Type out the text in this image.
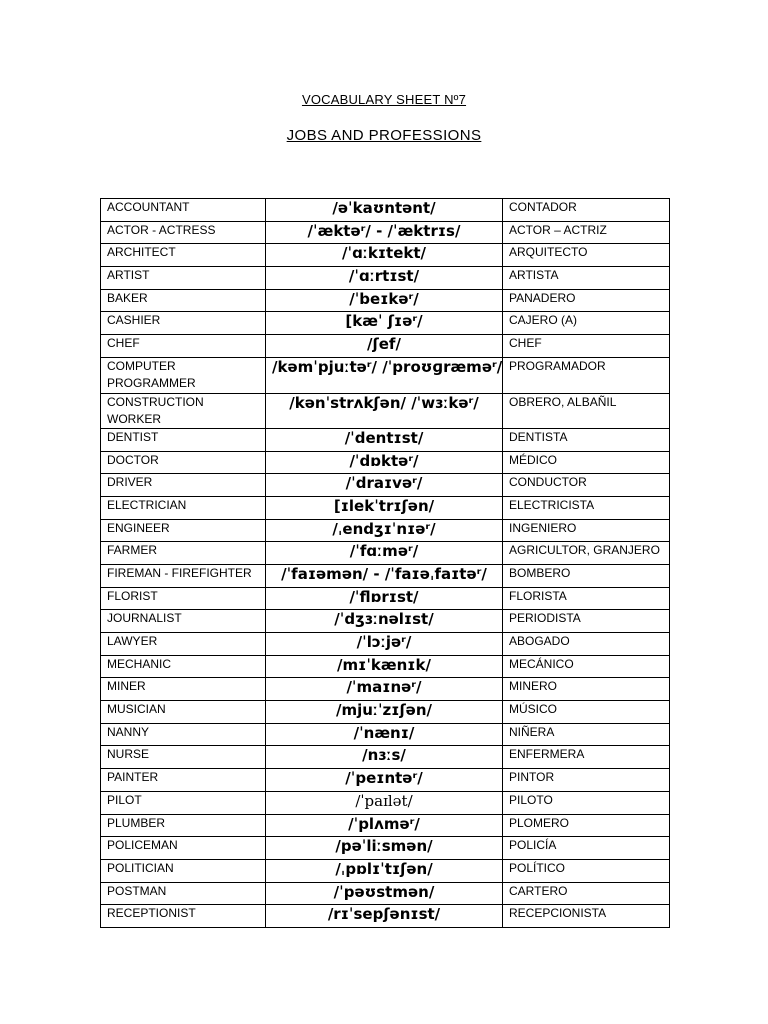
VOCABULARY SHEET Nº7
JOBS AND PROFESSIONS
ACCOUNTANT	/əˈkaʊntənt/	CONTADOR
ACTOR - ACTRESS	/ˈæktəʳ/ - /ˈæktrɪs/	ACTOR – ACTRIZ
ARCHITECT	/ˈɑːkɪtekt/	ARQUITECTO
ARTIST	/ˈɑːrtɪst/	ARTISTA
BAKER	/ˈbeɪkəʳ/	PANADERO
CASHIER	[kæˈ ʃɪəʳ/	CAJERO (A)
CHEF	/ʃef/	CHEF
COMPUTER PROGRAMMER	/kəmˈpjuːtəʳ/ /ˈproʊɡræməʳ/	PROGRAMADOR
CONSTRUCTION WORKER	/kənˈstrʌkʃən/ /ˈwɜːkəʳ/	OBRERO, ALBAÑIL
DENTIST	/ˈdentɪst/	DENTISTA
DOCTOR	/ˈdɒktəʳ/	MÉDICO
DRIVER	/ˈdraɪvəʳ/	CONDUCTOR
ELECTRICIAN	[ɪlekˈtrɪʃən/	ELECTRICISTA
ENGINEER	/ˌendʒɪˈnɪəʳ/	INGENIERO
FARMER	/ˈfɑːməʳ/	AGRICULTOR, GRANJERO
FIREMAN - FIREFIGHTER	/ˈfaɪəmən/ - /ˈfaɪəˌfaɪtəʳ/	BOMBERO
FLORIST	/ˈflɒrɪst/	FLORISTA
JOURNALIST	/ˈdʒɜːnəlɪst/	PERIODISTA
LAWYER	/ˈlɔːjəʳ/	ABOGADO
MECHANIC	/mɪˈkænɪk/	MECÁNICO
MINER	/ˈmaɪnəʳ/	MINERO
MUSICIAN	/mjuːˈzɪʃən/	MÚSICO
NANNY	/ˈnænɪ/	NIÑERA
NURSE	/nɜːs/	ENFERMERA
PAINTER	/ˈpeɪntəʳ/	PINTOR
PILOT	/ˈpaɪlət/	PILOTO
PLUMBER	/ˈplʌməʳ/	PLOMERO
POLICEMAN	/pəˈliːsmən/	POLICÍA
POLITICIAN	/ˌpɒlɪˈtɪʃən/	POLÍTICO
POSTMAN	/ˈpəʊstmən/	CARTERO
RECEPTIONIST	/rɪˈsepʃənɪst/	RECEPCIONISTA
